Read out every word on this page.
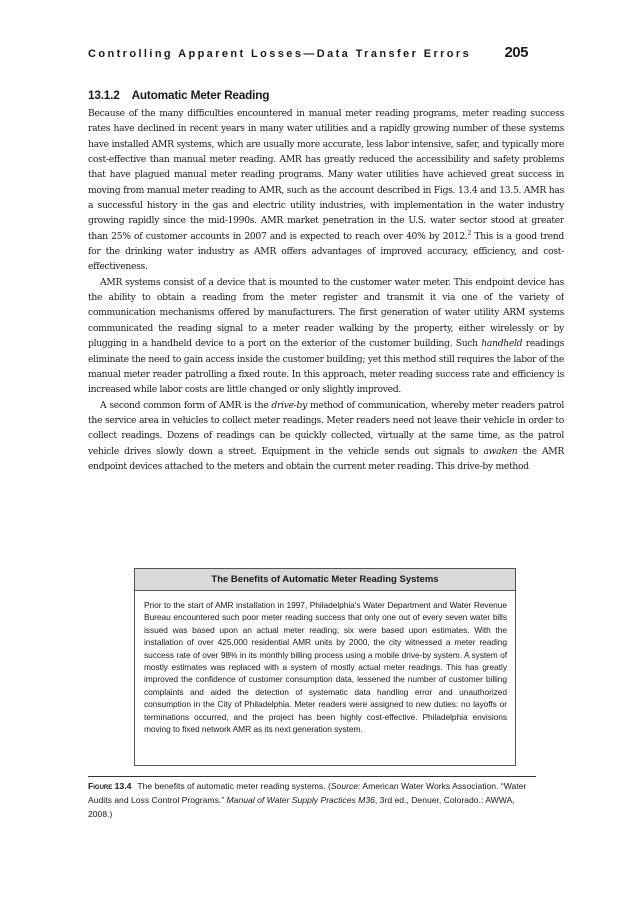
Controlling Apparent Losses—Data Transfer Errors 205
13.1.2 Automatic Meter Reading

Because of the many difficulties encountered in manual meter reading programs, meter reading success rates have declined in recent years in many water utilities and a rapidly growing number of these systems have installed AMR systems, which are usually more accurate, less labor intensive, safer, and typically more cost-effective than manual meter reading. AMR has greatly reduced the accessibility and safety problems that have plagued manual meter reading programs. Many water utilities have achieved great success in moving from manual meter reading to AMR, such as the account described in Figs. 13.4 and 13.5. AMR has a successful history in the gas and electric utility industries, with implementation in the water industry growing rapidly since the mid-1990s. AMR market penetration in the U.S. water sector stood at greater than 25% of customer accounts in 2007 and is expected to reach over 40% by 2012.$^2$ This is a good trend for the drinking water industry as AMR offers advantages of improved accuracy, efficiency, and cost-effectiveness.

AMR systems consist of a device that is mounted to the customer water meter. This endpoint device has the ability to obtain a reading from the meter register and transmit it via one of the variety of communication mechanisms offered by manufacturers. The first generation of water utility ARM systems communicated the reading signal to a meter reader walking by the property, either wirelessly or by plugging in a handheld device to a port on the exterior of the customer building. Such handheld readings eliminate the need to gain access inside the customer building; yet this method still requires the labor of the manual meter reader patrolling a fixed route. In this approach, meter reading success rate and efficiency is increased while labor costs are little changed or only slightly improved.

A second common form of AMR is the drive-by method of communication, whereby meter readers patrol the service area in vehicles to collect meter readings. Meter readers need not leave their vehicle in order to collect readings. Dozens of readings can be quickly collected, virtually at the same time, as the patrol vehicle drives slowly down a street. Equipment in the vehicle sends out signals to awaken the AMR endpoint devices attached to the meters and obtain the current meter reading. This drive-by method

The Benefits of Automatic Meter Reading Systems
Prior to the start of AMR installation in 1997, Philadelphia's Water Department and Water Revenue Bureau encountered such poor meter reading success that only one out of every seven water bills issued was based upon an actual meter reading; six were based upon estimates. With the installation of over 425,000 residential AMR units by 2000, the city witnessed a meter reading success rate of over 98% in its monthly billing process using a mobile drive-by system. A system of mostly estimates was replaced with a system of mostly actual meter readings. This has greatly improved the confidence of customer consumption data, lessened the number of customer billing complaints and aided the detection of systematic data handling error and unauthorized consumption in the City of Philadelphia. Meter readers were assigned to new duties: no layoffs or terminations occurred, and the project has been highly cost-effective. Philadelphia envisions moving to fixed network AMR as its next generation system.
Figure 13.4 The benefits of automatic meter reading systems. (Source: American Water Works Association. “Water Audits and Loss Control Programs.” Manual of Water Supply Practices M36, 3rd ed., Denuer, Colorado.: AWWA, 2008.)
